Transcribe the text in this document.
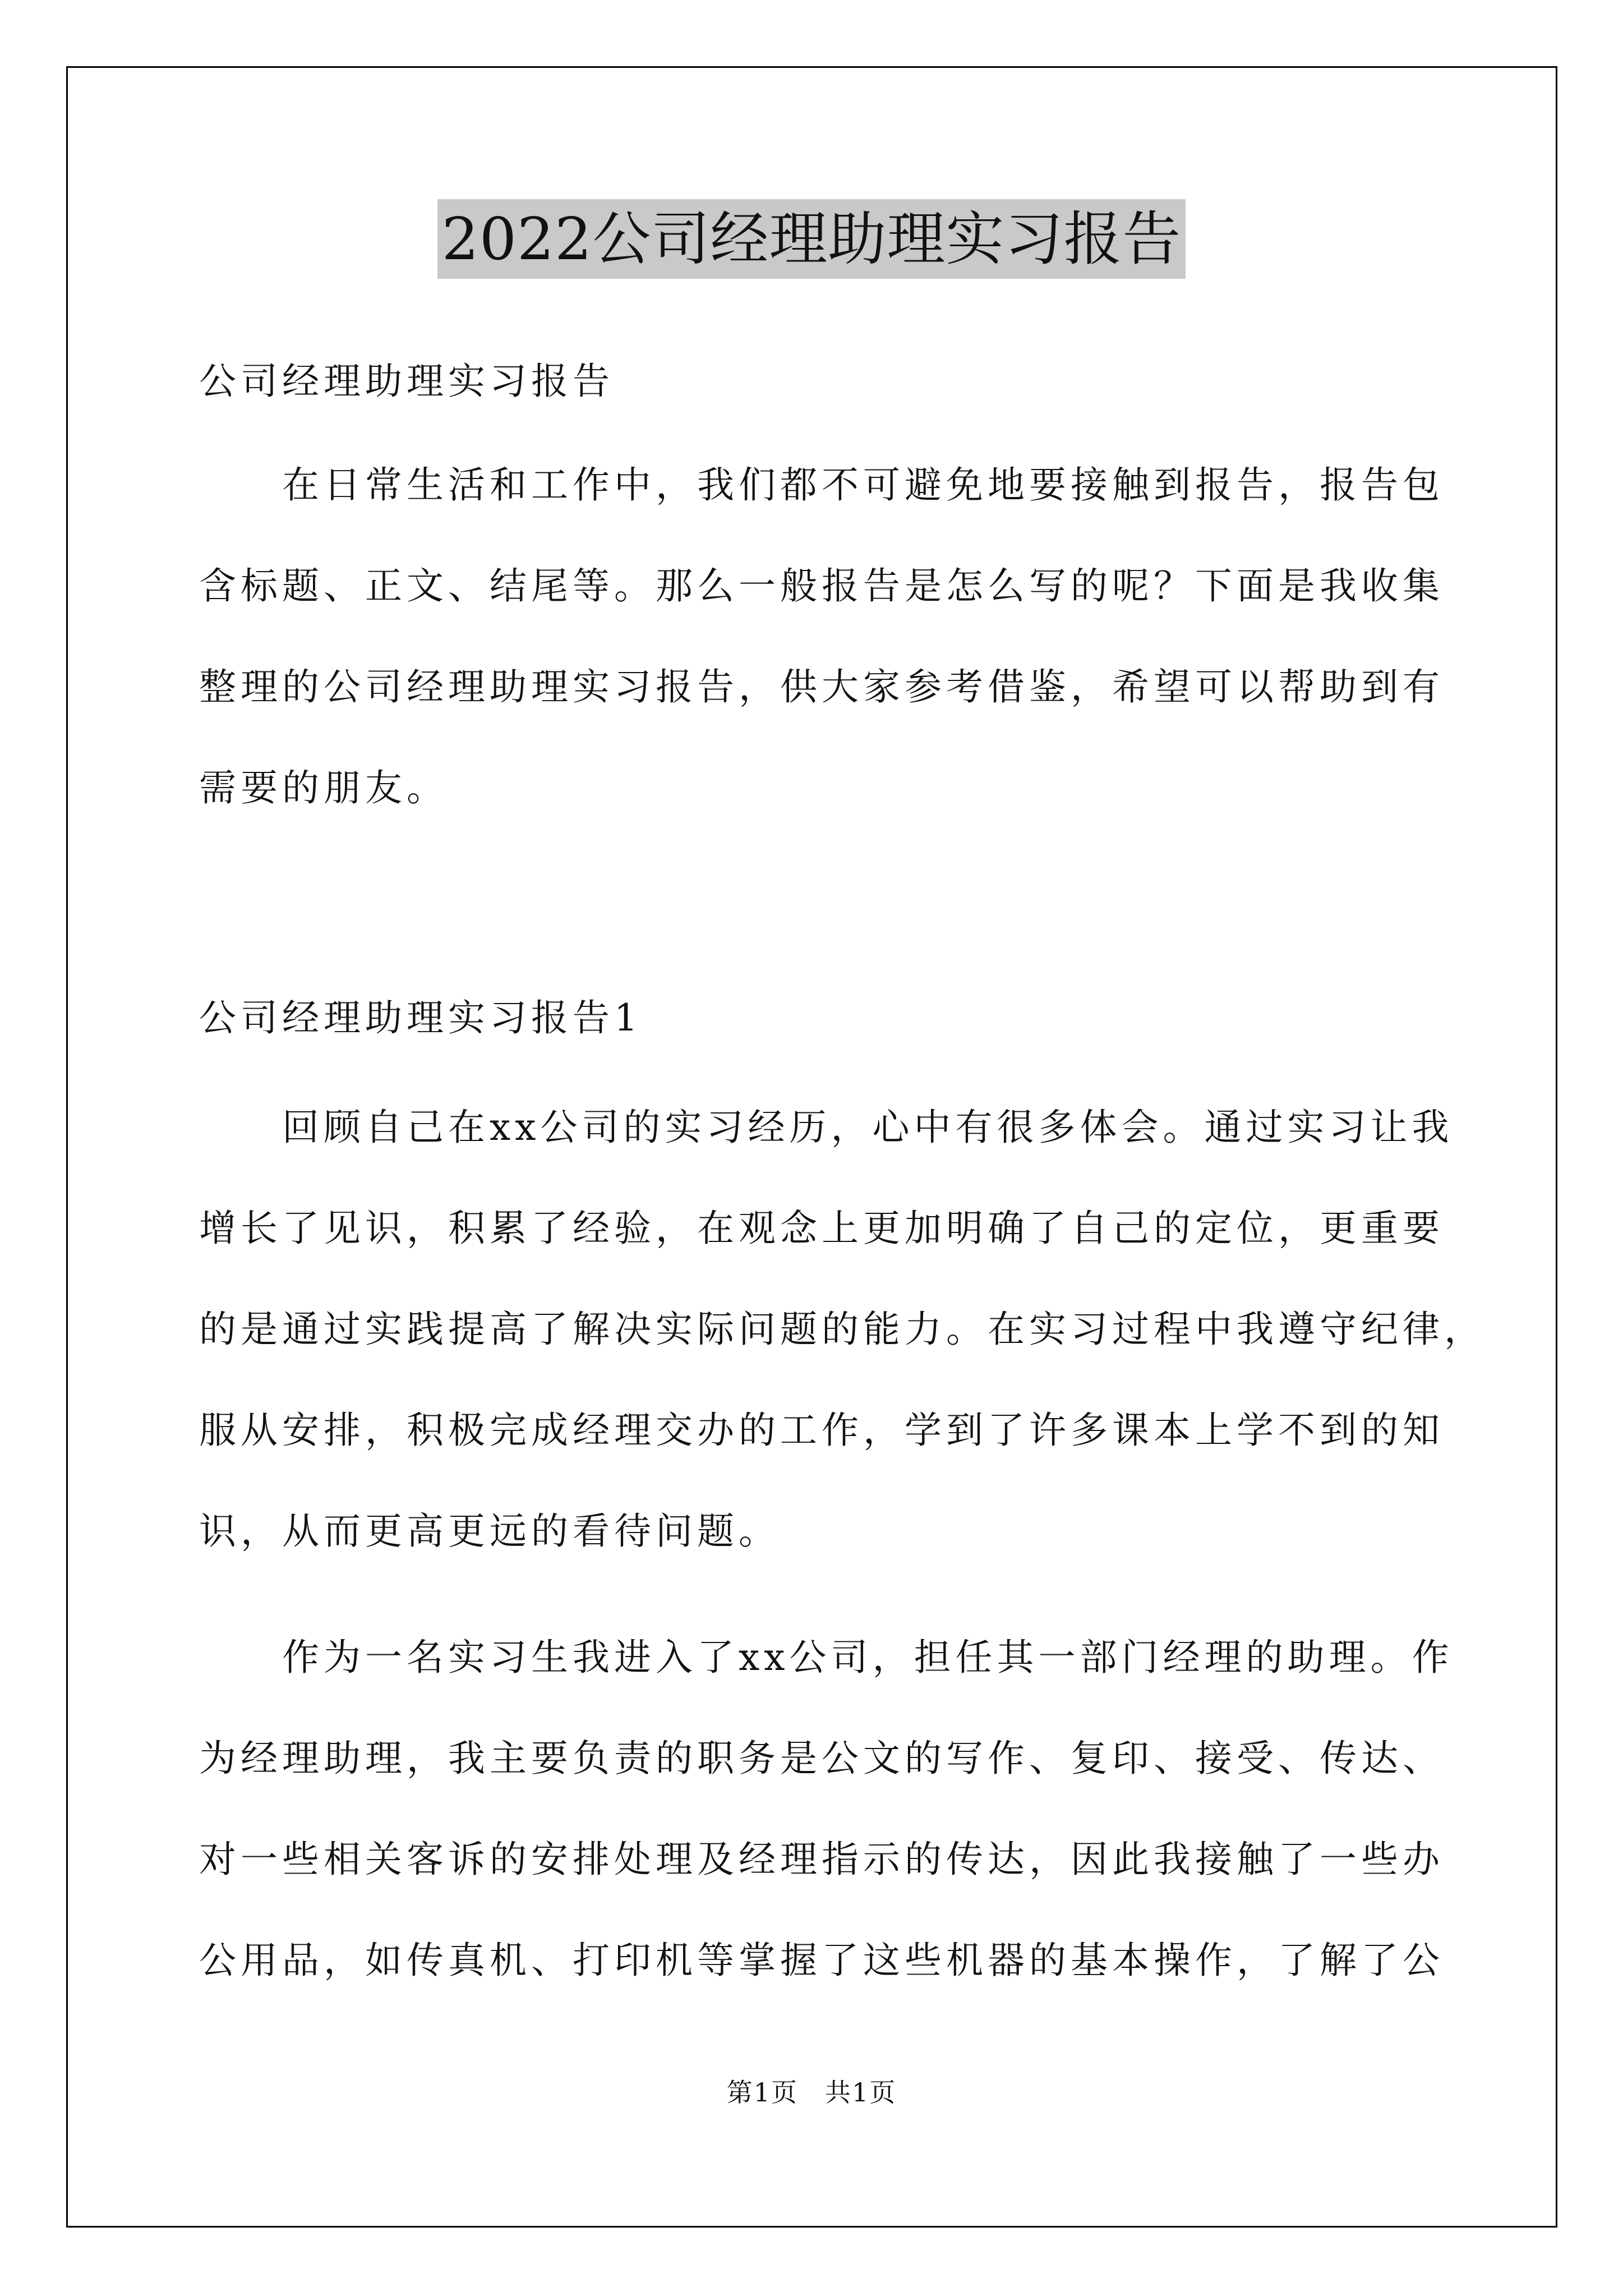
2022公司经理助理实习报告
公司经理助理实习报告
　　在日常生活和工作中，我们都不可避免地要接触到报告，报告包
含标题、正文、结尾等。那么一般报告是怎么写的呢？下面是我收集
整理的公司经理助理实习报告，供大家参考借鉴，希望可以帮助到有
需要的朋友。
公司经理助理实习报告1
　　回顾自己在xx公司的实习经历，心中有很多体会。通过实习让我
增长了见识，积累了经验，在观念上更加明确了自己的定位，更重要
的是通过实践提高了解决实际问题的能力。在实习过程中我遵守纪律，
服从安排，积极完成经理交办的工作，学到了许多课本上学不到的知
识，从而更高更远的看待问题。
　　作为一名实习生我进入了xx公司，担任其一部门经理的助理。作
为经理助理，我主要负责的职务是公文的写作、复印、接受、传达、
对一些相关客诉的安排处理及经理指示的传达，因此我接触了一些办
公用品，如传真机、打印机等掌握了这些机器的基本操作，了解了公
第1页　共1页
